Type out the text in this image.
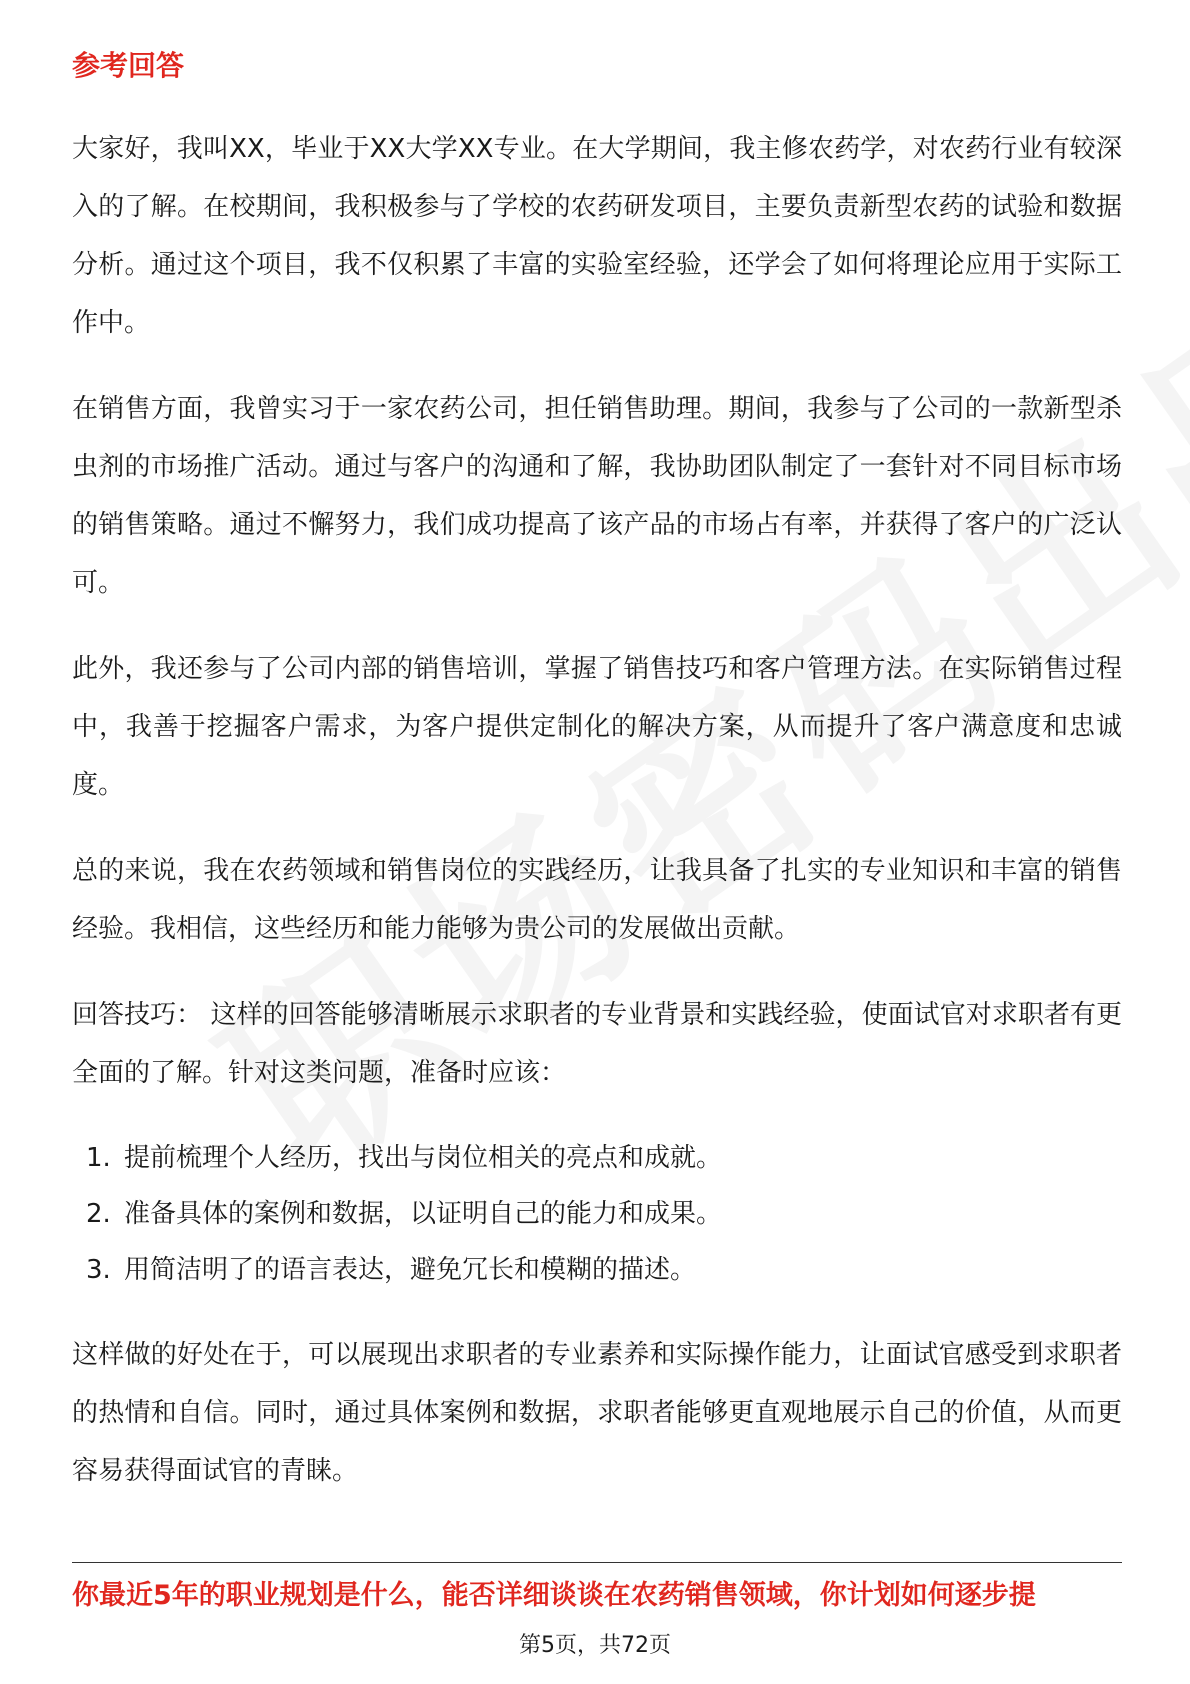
参考回答

大家好，我叫XX，毕业于XX大学XX专业。在大学期间，我主修农药学，对农药行业有较深入的了解。在校期间，我积极参与了学校的农药研发项目，主要负责新型农药的试验和数据分析。通过这个项目，我不仅积累了丰富的实验室经验，还学会了如何将理论应用于实际工作中。

在销售方面，我曾实习于一家农药公司，担任销售助理。期间，我参与了公司的一款新型杀虫剂的市场推广活动。通过与客户的沟通和了解，我协助团队制定了一套针对不同目标市场的销售策略。通过不懈努力，我们成功提高了该产品的市场占有率，并获得了客户的广泛认可。

此外，我还参与了公司内部的销售培训，掌握了销售技巧和客户管理方法。在实际销售过程中，我善于挖掘客户需求，为客户提供定制化的解决方案，从而提升了客户满意度和忠诚度。

总的来说，我在农药领域和销售岗位的实践经历，让我具备了扎实的专业知识和丰富的销售经验。我相信，这些经历和能力能够为贵公司的发展做出贡献。

回答技巧： 这样的回答能够清晰展示求职者的专业背景和实践经验，使面试官对求职者有更全面的了解。针对这类问题，准备时应该：

1. 提前梳理个人经历，找出与岗位相关的亮点和成就。
2. 准备具体的案例和数据，以证明自己的能力和成果。
3. 用简洁明了的语言表达，避免冗长和模糊的描述。

这样做的好处在于，可以展现出求职者的专业素养和实际操作能力，让面试官感受到求职者的热情和自信。同时，通过具体案例和数据，求职者能够更直观地展示自己的价值，从而更容易获得面试官的青睐。

你最近5年的职业规划是什么，能否详细谈谈在农药销售领域，你计划如何逐步提
第5页，共72页
